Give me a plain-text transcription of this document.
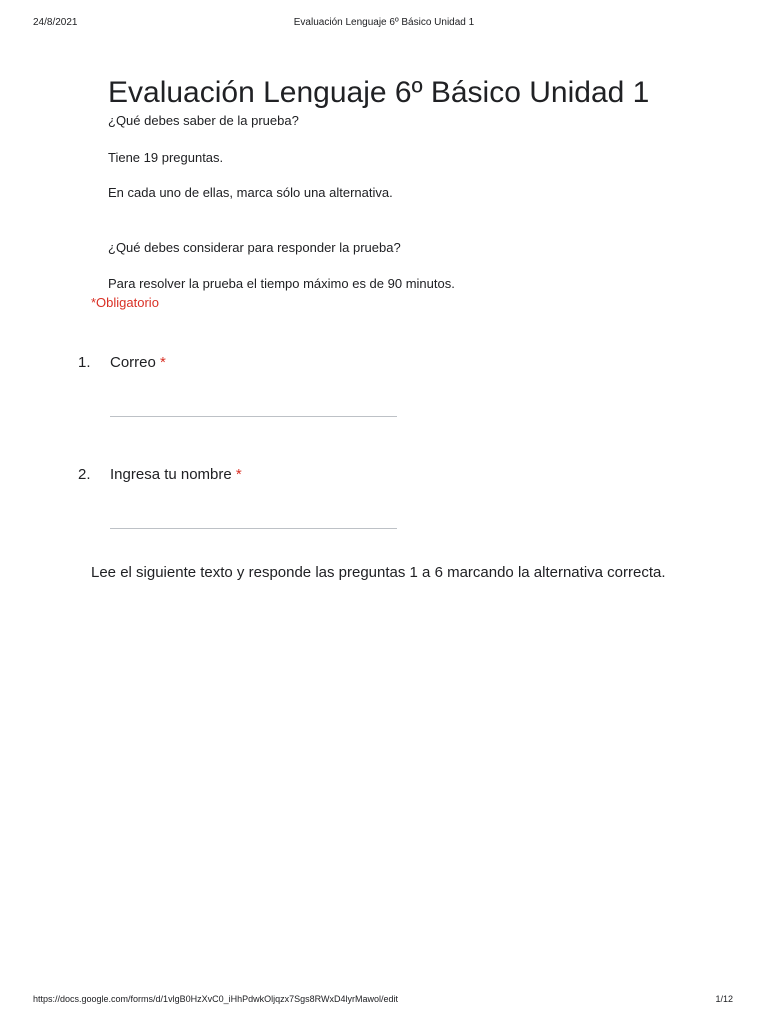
24/8/2021	Evaluación Lenguaje 6º Básico Unidad 1
Evaluación Lenguaje 6º Básico Unidad 1
¿Qué debes saber de la prueba?
Tiene 19 preguntas.
En cada uno de ellas, marca sólo una alternativa.
¿Qué debes considerar para responder la prueba?
Para resolver la prueba el tiempo máximo es de 90 minutos.
*Obligatorio
1. Correo *
2. Ingresa tu nombre *
Lee el siguiente texto y responde las preguntas 1 a 6 marcando la alternativa correcta.
https://docs.google.com/forms/d/1vlgB0HzXvC0_iHhPdwkOljqzx7Sgs8RWxD4lyrMawol/edit	1/12
